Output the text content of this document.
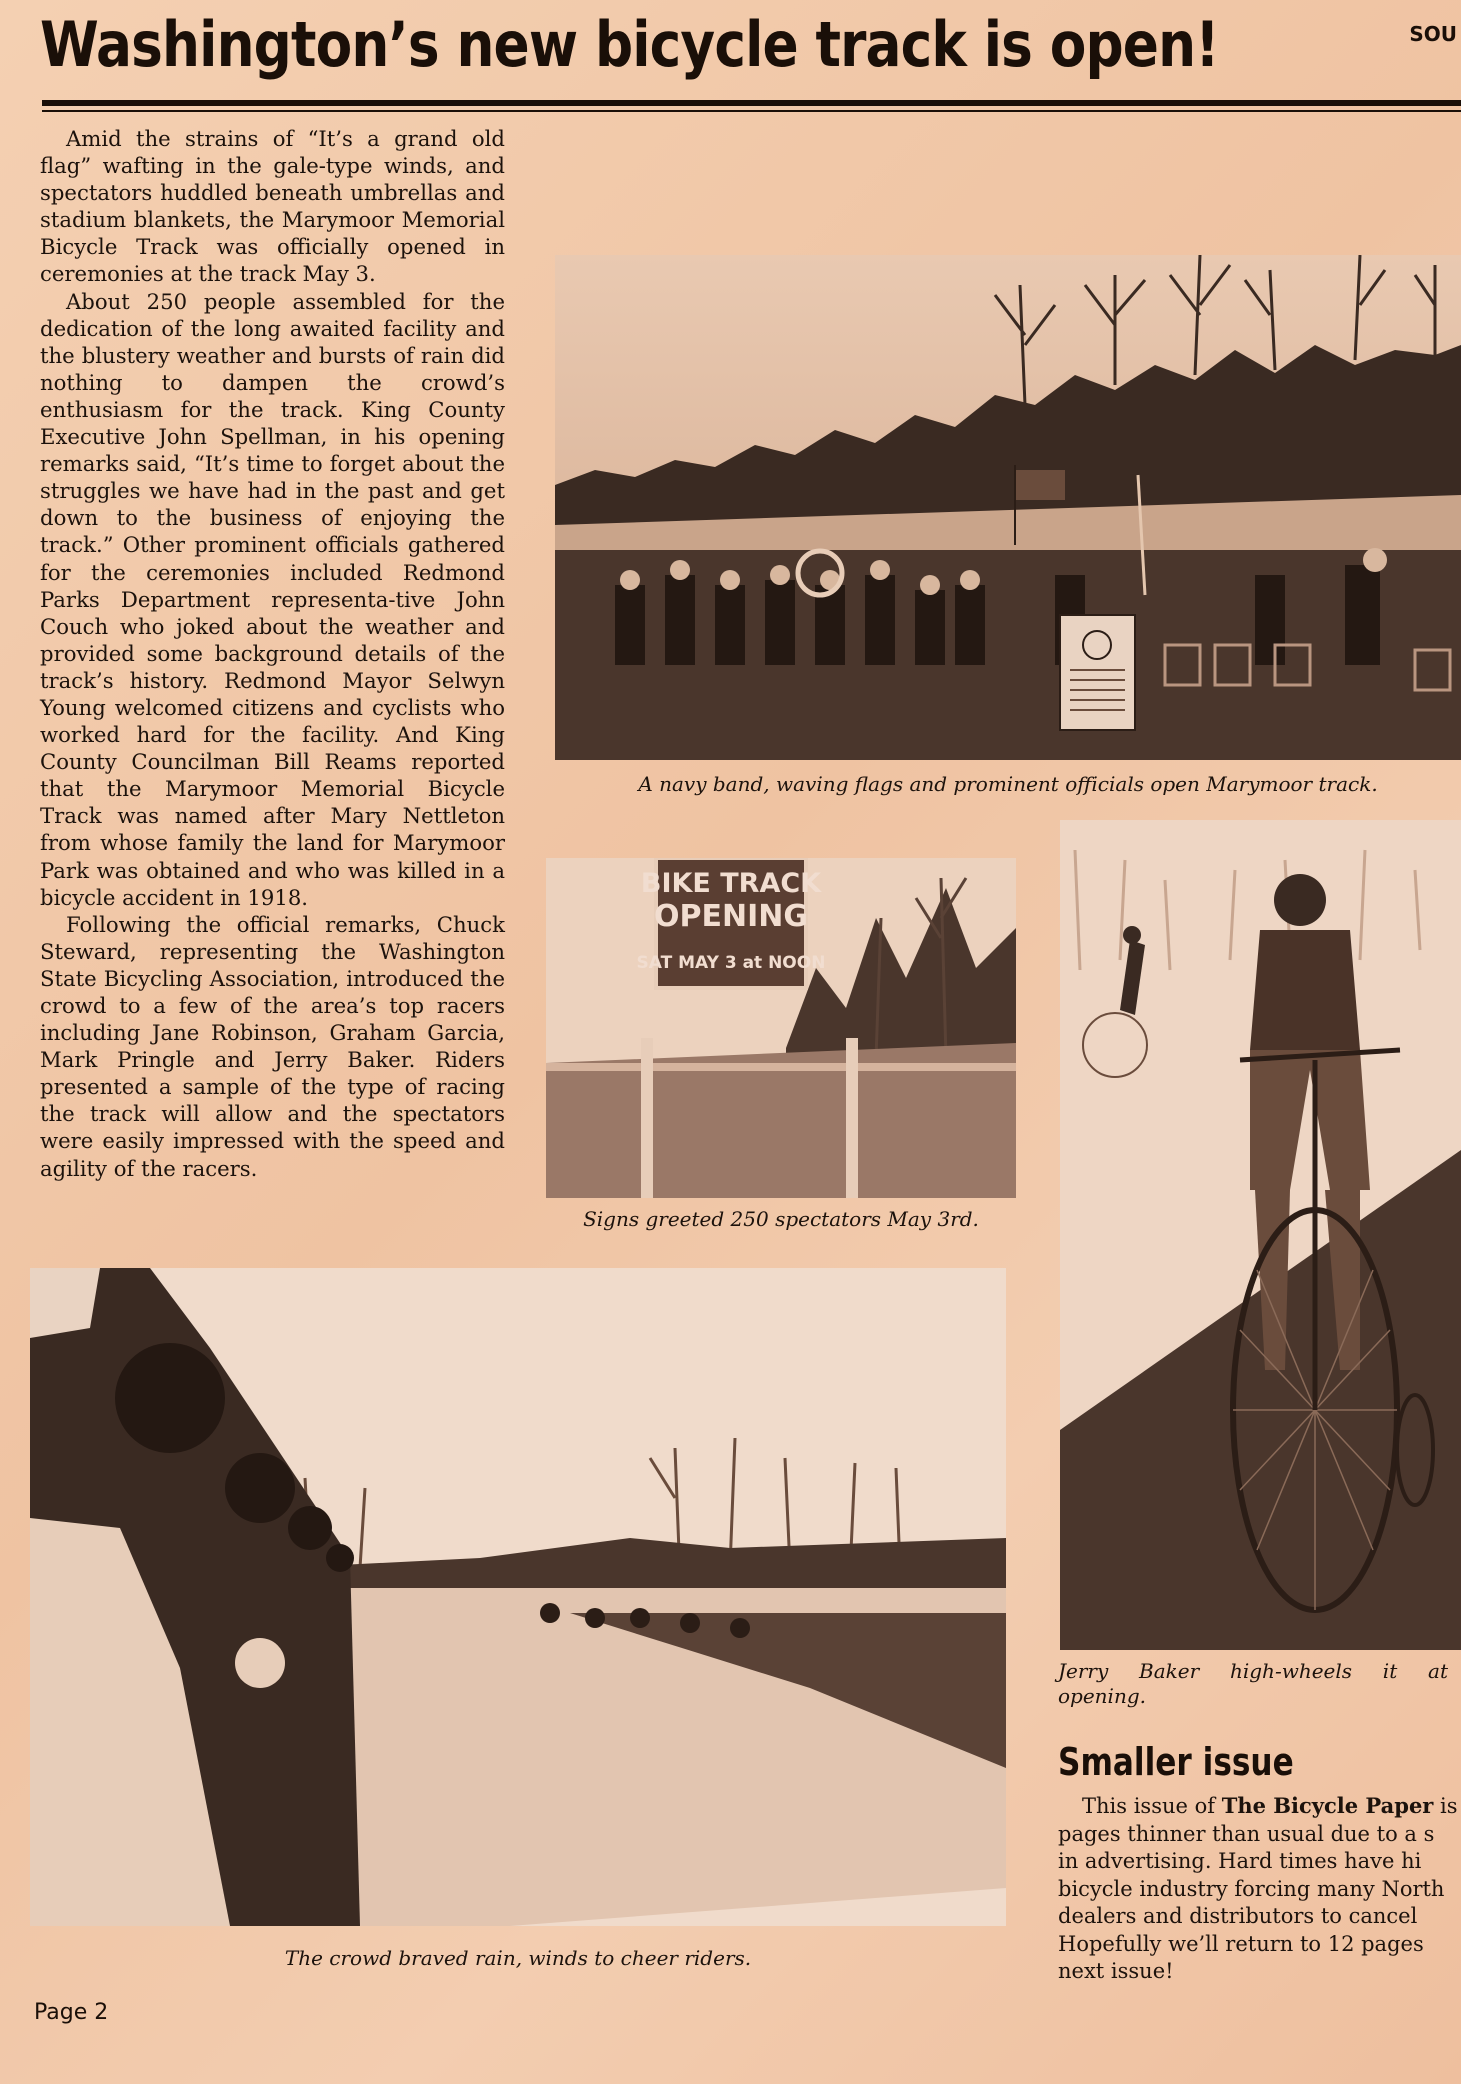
Washington’s new bicycle track is open!	SOU

Amid the strains of “It’s a grand old flag” wafting in the gale-type winds, and spectators huddled beneath umbrellas and stadium blankets, the Marymoor Memorial Bicycle Track was officially opened in ceremonies at the track May 3.

About 250 people assembled for the dedication of the long awaited facility and the blustery weather and bursts of rain did nothing to dampen the crowd’s enthusiasm for the track. King County Executive John Spellman, in his opening remarks said, “It’s time to forget about the struggles we have had in the past and get down to the business of enjoying the track.” Other prominent officials gathered for the ceremonies included Redmond Parks Department representa-tive John Couch who joked about the weather and provided some background details of the track’s history. Redmond Mayor Selwyn Young welcomed citizens and cyclists who worked hard for the facility. And King County Councilman Bill Reams reported that the Marymoor Memorial Bicycle Track was named after Mary Nettleton from whose family the land for Marymoor Park was obtained and who was killed in a bicycle accident in 1918.

Following the official remarks, Chuck Steward, representing the Washington State Bicycling Association, introduced the crowd to a few of the area’s top racers including Jane Robinson, Graham Garcia, Mark Pringle and Jerry Baker. Riders presented a sample of the type of racing the track will allow and the spectators were easily impressed with the speed and agility of the racers.

A navy band, waving flags and prominent officials open Marymoor track.
BIKE TRACK
OPENING
SAT MAY 3 at NOON
Signs greeted 250 spectators May 3rd.
Jerry Baker high-wheels it at
opening.
The crowd braved rain, winds to cheer riders.
Smaller issue
This issue of The Bicycle Paper is
pages thinner than usual due to a s
in advertising. Hard times have hi
bicycle industry forcing many North
dealers and distributors to cancel
Hopefully we’ll return to 12 pages
next issue!
Page 2
